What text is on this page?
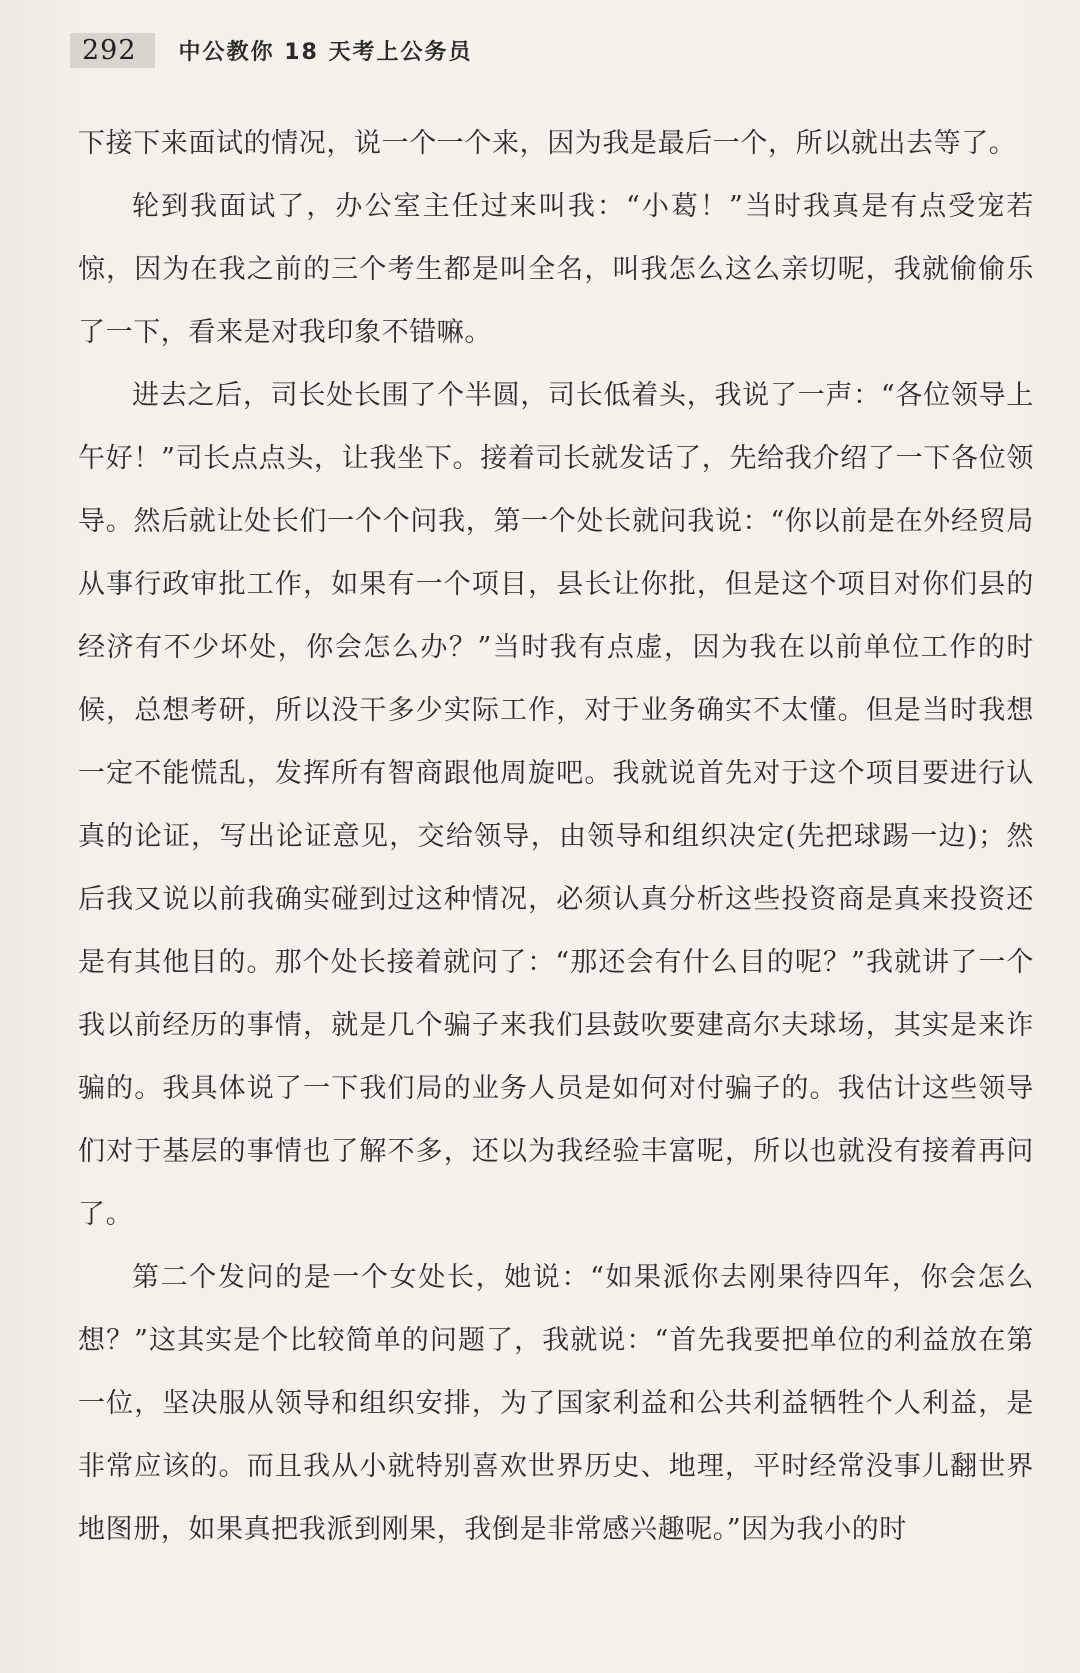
292	中公教你 18 天考上公务员

下接下来面试的情况，说一个一个来，因为我是最后一个，所以就出去等了。

轮到我面试了，办公室主任过来叫我：“小葛！”当时我真是有点受宠若惊，因为在我之前的三个考生都是叫全名，叫我怎么这么亲切呢，我就偷偷乐了一下，看来是对我印象不错嘛。

进去之后，司长处长围了个半圆，司长低着头，我说了一声：“各位领导上午好！”司长点点头，让我坐下。接着司长就发话了，先给我介绍了一下各位领导。然后就让处长们一个个问我，第一个处长就问我说：“你以前是在外经贸局从事行政审批工作，如果有一个项目，县长让你批，但是这个项目对你们县的经济有不少坏处，你会怎么办？”当时我有点虚，因为我在以前单位工作的时候，总想考研，所以没干多少实际工作，对于业务确实不太懂。但是当时我想一定不能慌乱，发挥所有智商跟他周旋吧。我就说首先对于这个项目要进行认真的论证，写出论证意见，交给领导，由领导和组织决定(先把球踢一边)；然后我又说以前我确实碰到过这种情况，必须认真分析这些投资商是真来投资还是有其他目的。那个处长接着就问了：“那还会有什么目的呢？”我就讲了一个我以前经历的事情，就是几个骗子来我们县鼓吹要建高尔夫球场，其实是来诈骗的。我具体说了一下我们局的业务人员是如何对付骗子的。我估计这些领导们对于基层的事情也了解不多，还以为我经验丰富呢，所以也就没有接着再问了。

第二个发问的是一个女处长，她说：“如果派你去刚果待四年，你会怎么想？”这其实是个比较简单的问题了，我就说：“首先我要把单位的利益放在第一位，坚决服从领导和组织安排，为了国家利益和公共利益牺牲个人利益，是非常应该的。而且我从小就特别喜欢世界历史、地理，平时经常没事儿翻世界地图册，如果真把我派到刚果，我倒是非常感兴趣呢。”因为我小的时
